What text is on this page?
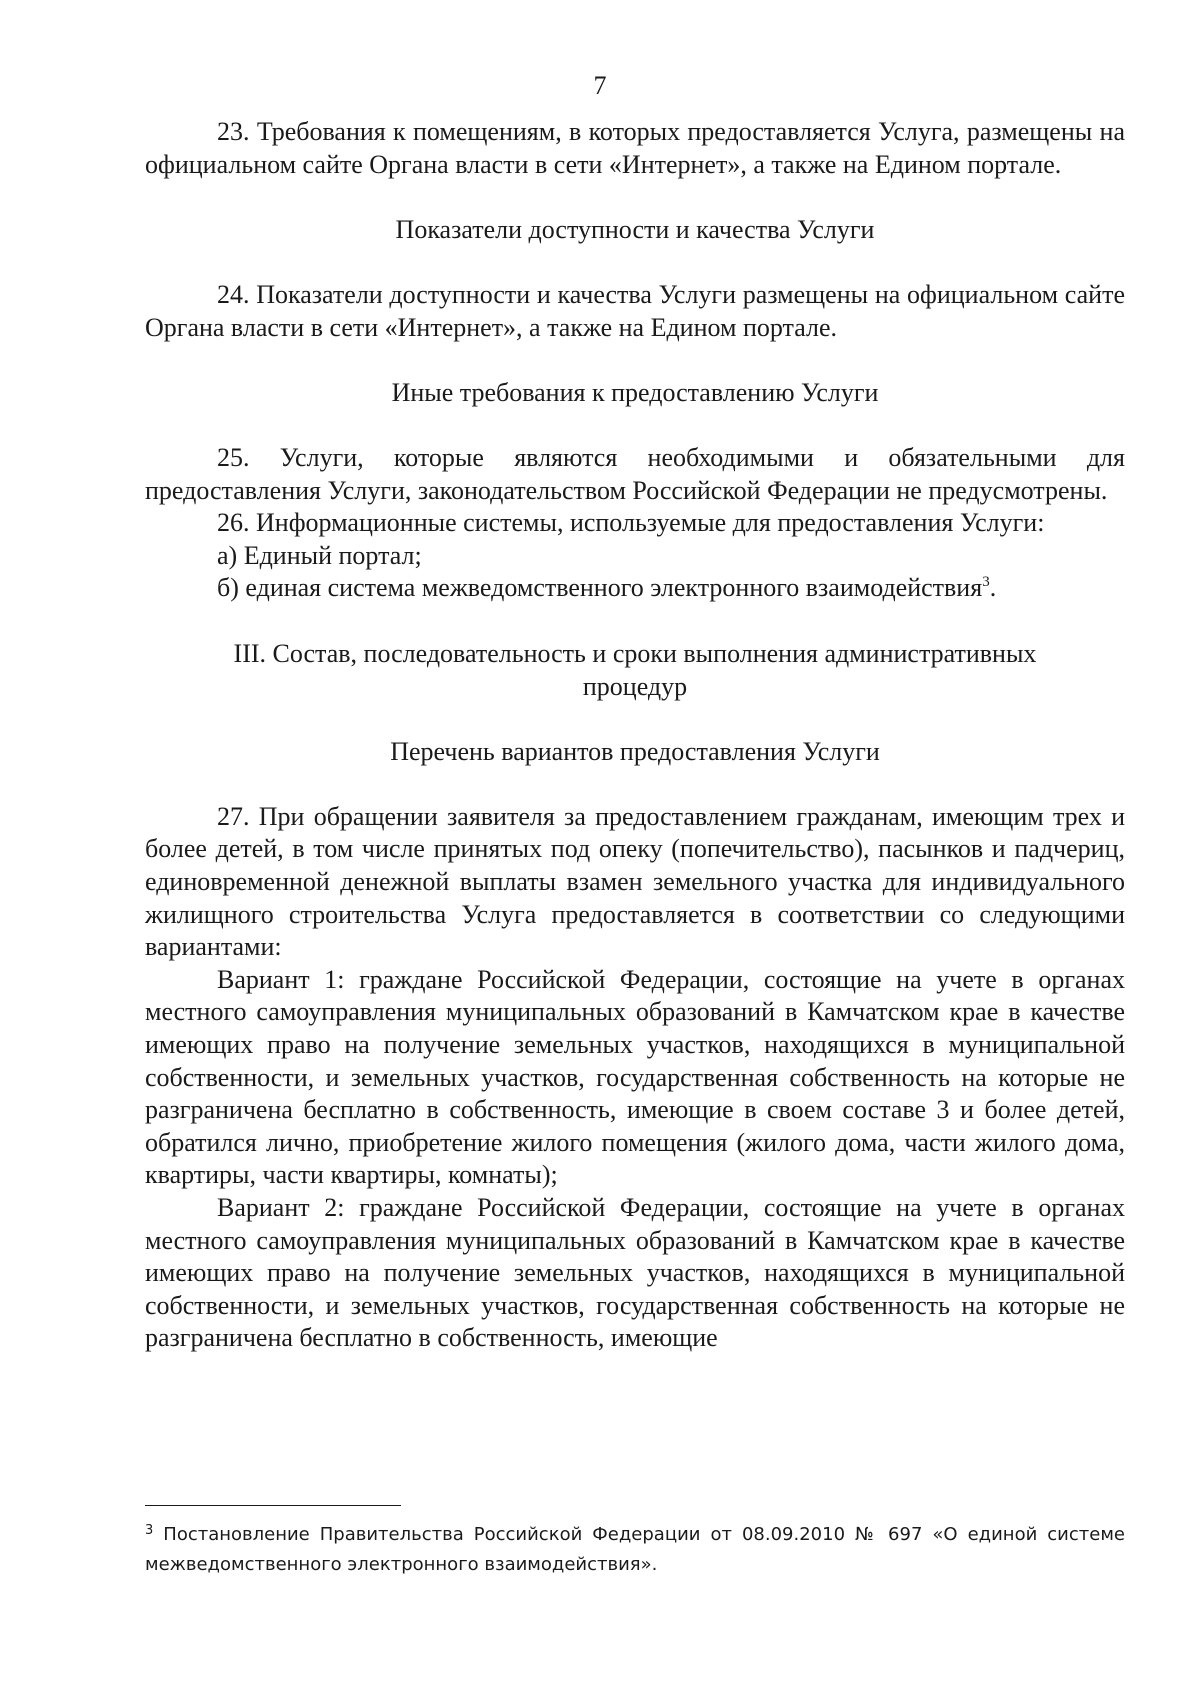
7

23. Требования к помещениям, в которых предоставляется Услуга, размещены на официальном сайте Органа власти в сети «Интернет», а также на Едином портале.

Показатели доступности и качества Услуги

24. Показатели доступности и качества Услуги размещены на официальном сайте Органа власти в сети «Интернет», а также на Едином портале.

Иные требования к предоставлению Услуги

25. Услуги, которые являются необходимыми и обязательными для предоставления Услуги, законодательством Российской Федерации не предусмотрены.

26. Информационные системы, используемые для предоставления Услуги:

а) Единый портал;

б) единая система межведомственного электронного взаимодействия$^3$.

III. Состав, последовательность и сроки выполнения административных процедур

Перечень вариантов предоставления Услуги

27. При обращении заявителя за предоставлением гражданам, имеющим трех и более детей, в том числе принятых под опеку (попечительство), пасынков и падчериц, единовременной денежной выплаты взамен земельного участка для индивидуального жилищного строительства Услуга предоставляется в соответствии со следующими вариантами:

Вариант 1: граждане Российской Федерации, состоящие на учете в органах местного самоуправления муниципальных образований в Камчатском крае в качестве имеющих право на получение земельных участков, находящихся в муниципальной собственности, и земельных участков, государственная собственность на которые не разграничена бесплатно в собственность, имеющие в своем составе 3 и более детей, обратился лично, приобретение жилого помещения (жилого дома, части жилого дома, квартиры, части квартиры, комнаты);

Вариант 2: граждане Российской Федерации, состоящие на учете в органах местного самоуправления муниципальных образований в Камчатском крае в качестве имеющих право на получение земельных участков, находящихся в муниципальной собственности, и земельных участков, государственная собственность на которые не разграничена бесплатно в собственность, имеющие

$^3$ Постановление Правительства Российской Федерации от 08.09.2010 № 697 «О единой системе межведомственного электронного взаимодействия».
